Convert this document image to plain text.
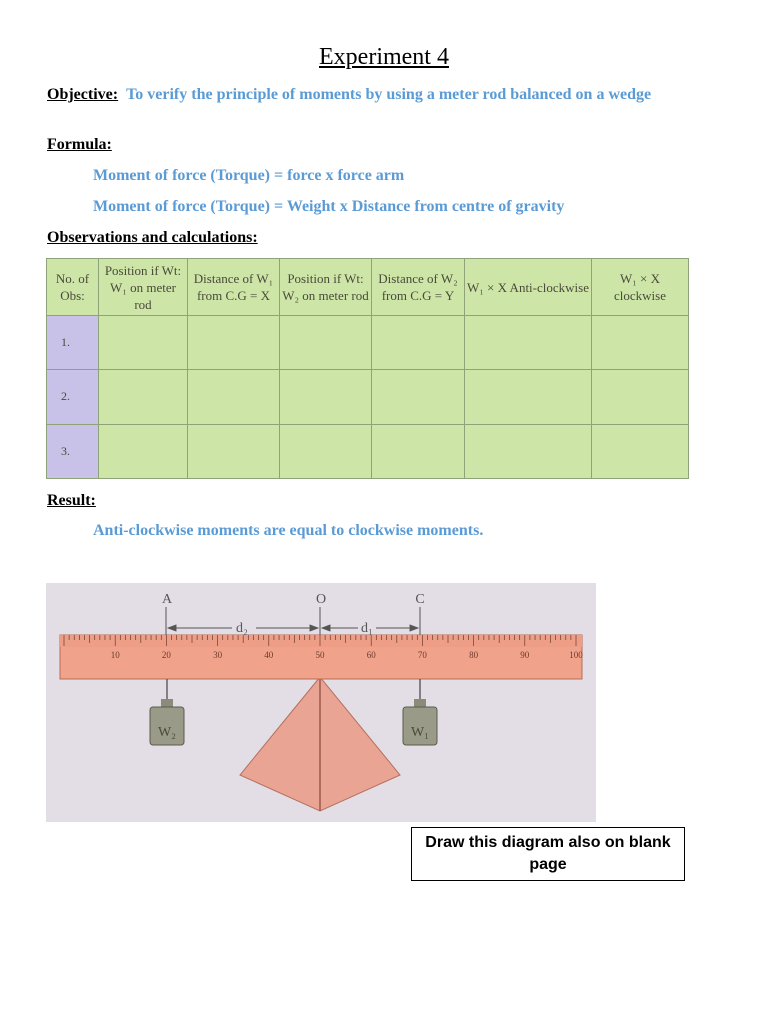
Experiment 4
Objective: To verify the principle of moments by using a meter rod balanced on a wedge
Formula:
Moment of force (Torque) = force x force arm
Moment of force (Torque) = Weight x Distance from centre of gravity
Observations and calculations:
No. of Obs:	Position if Wt: W₁ on meter rod	Distance of W₁ from C.G = X	Position if Wt: W₂ on meter rod	Distance of W₂ from C.G = Y	W₁ × X Anti-clockwise	W₁ × X clockwise
1.						
2.						
3.						
Result:
Anti-clockwise moments are equal to clockwise moments.
10	20	30	40	50	60	70	80	90	100
A	O	C
d₂	d₁
W₂	W₁
Draw this diagram also on blank page
